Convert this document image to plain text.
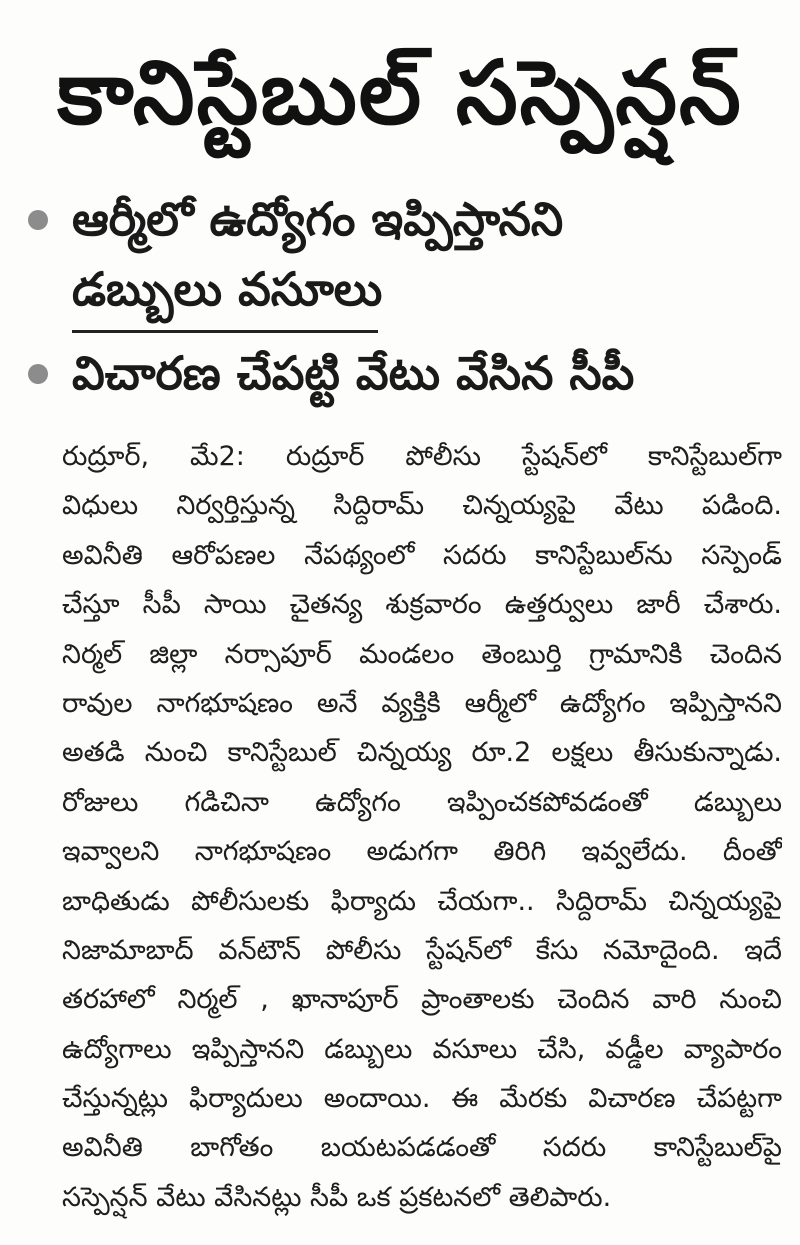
కానిస్టేబుల్ సస్పెన్షన్
ఆర్మీలో ఉద్యోగం ఇప్పిస్తానని
డబ్బులు వసూలు
విచారణ చేపట్టి వేటు వేసిన సీపీ
రుద్రూర్, మే2: రుద్రూర్ పోలీసు స్టేషన్‌లో కానిస్టేబుల్‌గా
విధులు నిర్వర్తిస్తున్న సిద్దిరామ్ చిన్నయ్యపై వేటు పడింది.
అవినీతి ఆరోపణల నేపథ్యంలో సదరు కానిస్టేబుల్‌ను సస్పెండ్
చేస్తూ సీపీ సాయి చైతన్య శుక్రవారం ఉత్తర్వులు జారీ చేశారు.
నిర్మల్ జిల్లా నర్సాపూర్ మండలం తెంబుర్తి గ్రామానికి చెందిన
రావుల నాగభూషణం అనే వ్యక్తికి ఆర్మీలో ఉద్యోగం ఇప్పిస్తానని
అతడి నుంచి కానిస్టేబుల్ చిన్నయ్య రూ.2 లక్షలు తీసుకున్నాడు.
రోజులు గడిచినా ఉద్యోగం ఇప్పించకపోవడంతో డబ్బులు
ఇవ్వాలని నాగభూషణం అడుగగా తిరిగి ఇవ్వలేదు. దీంతో
బాధితుడు పోలీసులకు ఫిర్యాదు చేయగా.. సిద్దిరామ్ చిన్నయ్యపై
నిజామాబాద్ వన్‌టౌన్ పోలీసు స్టేషన్‌లో కేసు నమోదైంది. ఇదే
తరహాలో నిర్మల్ , ఖానాపూర్ ప్రాంతాలకు చెందిన వారి నుంచి
ఉద్యోగాలు ఇప్పిస్తానని డబ్బులు వసూలు చేసి, వడ్డీల వ్యాపారం
చేస్తున్నట్లు ఫిర్యాదులు అందాయి. ఈ మేరకు విచారణ చేపట్టగా
అవినీతి బాగోతం బయటపడడంతో సదరు కానిస్టేబుల్‌పై
సస్పెన్షన్ వేటు వేసినట్లు సీపీ ఒక ప్రకటనలో తెలిపారు.
